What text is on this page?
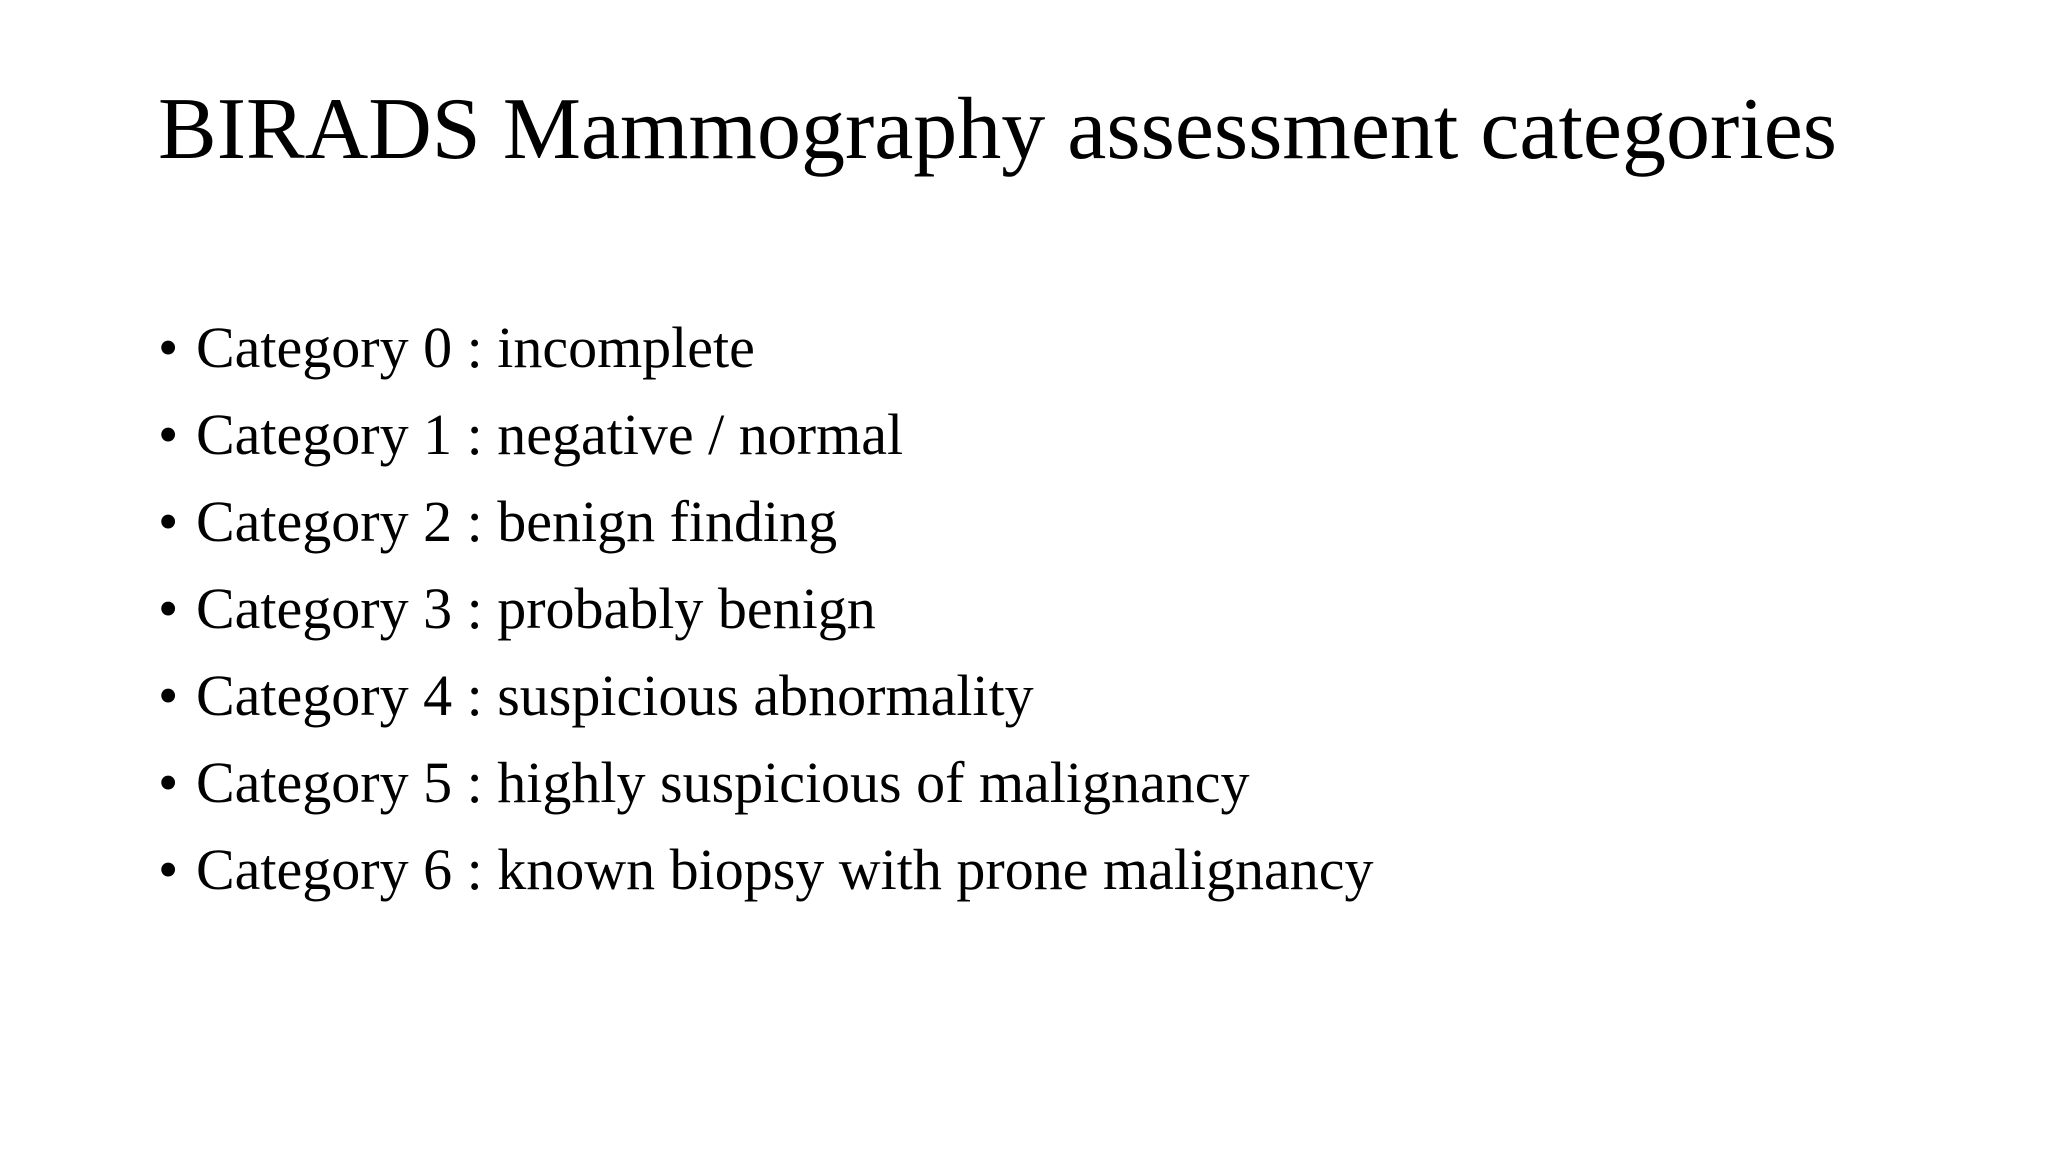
BIRADS Mammography assessment categories
• Category 0 : incomplete
• Category 1 : negative / normal
• Category 2 : benign finding
• Category 3 : probably benign
• Category 4 : suspicious abnormality
• Category 5 : highly suspicious of malignancy
• Category 6 : known biopsy with prone malignancy
